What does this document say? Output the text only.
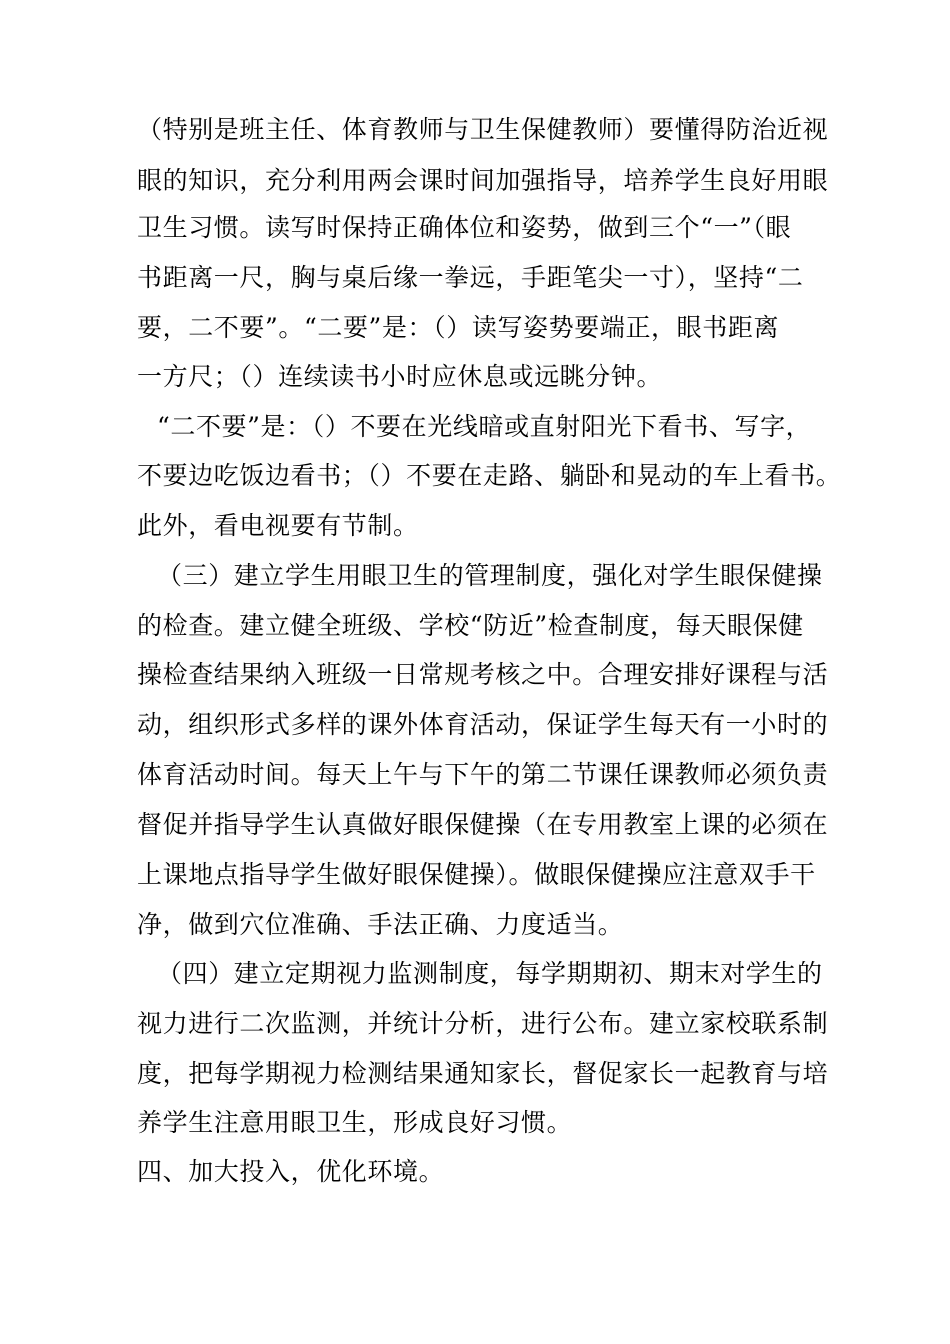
（特别是班主任、体育教师与卫生保健教师）要懂得防治近视
眼的知识，充分利用两会课时间加强指导，培养学生良好用眼
卫生习惯。读写时保持正确体位和姿势，做到三个“一”（眼
书距离一尺，胸与桌后缘一拳远，手距笔尖一寸），坚持“二
要，二不要”。“二要”是：（）读写姿势要端正，眼书距离
一方尺；（）连续读书小时应休息或远眺分钟。
“二不要”是：（）不要在光线暗或直射阳光下看书、写字，
不要边吃饭边看书；（）不要在走路、躺卧和晃动的车上看书。
此外，看电视要有节制。
（三）建立学生用眼卫生的管理制度，强化对学生眼保健操
的检查。建立健全班级、学校“防近”检查制度，每天眼保健
操检查结果纳入班级一日常规考核之中。合理安排好课程与活
动，组织形式多样的课外体育活动，保证学生每天有一小时的
体育活动时间。每天上午与下午的第二节课任课教师必须负责
督促并指导学生认真做好眼保健操（在专用教室上课的必须在
上课地点指导学生做好眼保健操）。做眼保健操应注意双手干
净，做到穴位准确、手法正确、力度适当。
（四）建立定期视力监测制度，每学期期初、期末对学生的
视力进行二次监测，并统计分析，进行公布。建立家校联系制
度，把每学期视力检测结果通知家长，督促家长一起教育与培
养学生注意用眼卫生，形成良好习惯。
四、加大投入，优化环境。
